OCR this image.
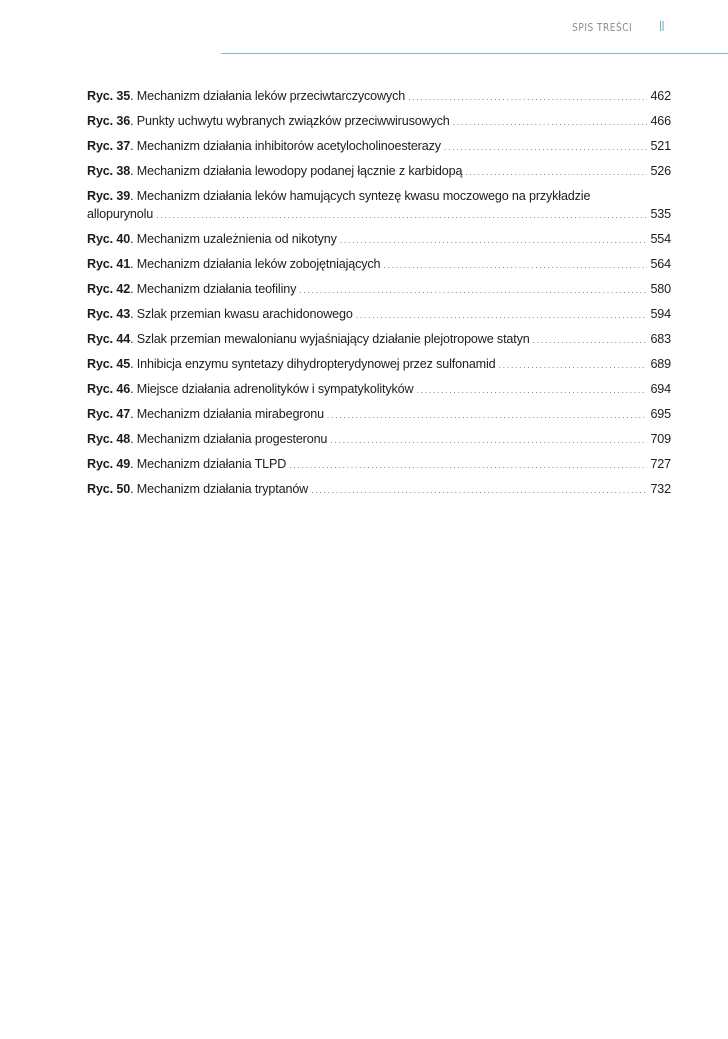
SPIS TREŚCI II
Ryc. 35. Mechanizm działania leków przeciwtarczycowych .....	462
Ryc. 36. Punkty uchwytu wybranych związków przeciwwirusowych .....	466
Ryc. 37. Mechanizm działania inhibitorów acetylocholinoesterazy .....	521
Ryc. 38. Mechanizm działania lewodopy podanej łącznie z karbidopą .....	526
Ryc. 39. Mechanizm działania leków hamujących syntezę kwasu moczowego na przykładzie
allopurynolu .....	535
Ryc. 40. Mechanizm uzależnienia od nikotyny .....	554
Ryc. 41. Mechanizm działania leków zobojętniających .....	564
Ryc. 42. Mechanizm działania teofiliny .....	580
Ryc. 43. Szlak przemian kwasu arachidonowego .....	594
Ryc. 44. Szlak przemian mewalonianu wyjaśniający działanie plejotropowe statyn .....	683
Ryc. 45. Inhibicja enzymu syntetazy dihydropterydynowej przez sulfonamid .....	689
Ryc. 46. Miejsce działania adrenolityków i sympatykolityków .....	694
Ryc. 47. Mechanizm działania mirabegronu .....	695
Ryc. 48. Mechanizm działania progesteronu .....	709
Ryc. 49. Mechanizm działania TLPD .....	727
Ryc. 50. Mechanizm działania tryptanów .....	732
